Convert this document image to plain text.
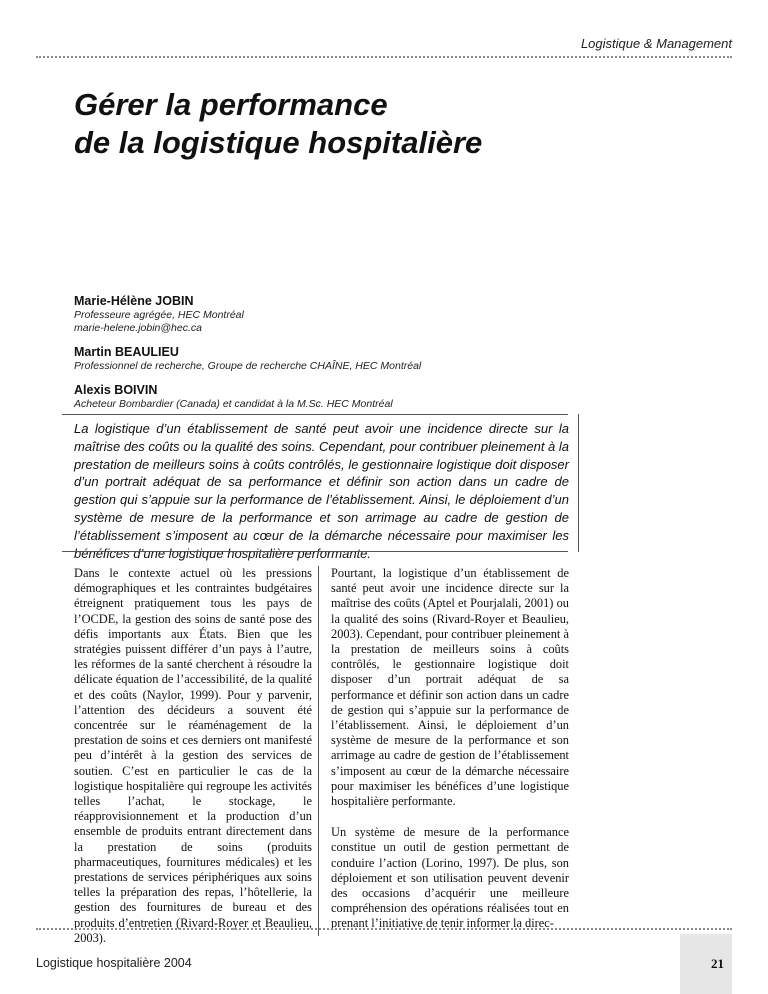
Logistique & Management
Gérer la performance
de la logistique hospitalière
Marie-Hélène JOBIN
Professeure agrégée, HEC Montréal
marie-helene.jobin@hec.ca
Martin BEAULIEU
Professionnel de recherche, Groupe de recherche CHAÎNE, HEC Montréal
Alexis BOIVIN
Acheteur Bombardier (Canada) et candidat à la M.Sc. HEC Montréal
La logistique d’un établissement de santé peut avoir une incidence directe sur la maîtrise des coûts ou la qualité des soins. Cependant, pour contribuer pleinement à la prestation de meilleurs soins à coûts contrôlés, le gestionnaire logistique doit disposer d’un portrait adéquat de sa performance et définir son action dans un cadre de gestion qui s’appuie sur la performance de l’établissement. Ainsi, le déploiement d’un système de mesure de la performance et son arrimage au cadre de gestion de l’établissement s’imposent au cœur de la démarche nécessaire pour maximiser les bénéfices d’une logistique hospitalière performante.

Dans le contexte actuel où les pressions démographiques et les contraintes budgétaires étreignent pratiquement tous les pays de l’OCDE, la gestion des soins de santé pose des défis importants aux États. Bien que les stratégies puissent différer d’un pays à l’autre, les réformes de la santé cherchent à résoudre la délicate équation de l’accessibilité, de la qualité et des coûts (Naylor, 1999). Pour y parvenir, l’attention des décideurs a souvent été concentrée sur le réaménagement de la prestation de soins et ces derniers ont manifesté peu d’intérêt à la gestion des services de soutien. C’est en particulier le cas de la logistique hospitalière qui regroupe les activités telles l’achat, le stockage, le réapprovisionnement et la production d’un ensemble de produits entrant directement dans la prestation de soins (produits pharmaceutiques, fournitures médicales) et les prestations de services périphériques aux soins telles la préparation des repas, l’hôtellerie, la gestion des fournitures de bureau et des produits d’entretien (Rivard-Royer et Beaulieu, 2003).

Pourtant, la logistique d’un établissement de santé peut avoir une incidence directe sur la maîtrise des coûts (Aptel et Pourjalali, 2001) ou la qualité des soins (Rivard-Royer et Beaulieu, 2003). Cependant, pour contribuer pleinement à la prestation de meilleurs soins à coûts contrôlés, le gestionnaire logistique doit disposer d’un portrait adéquat de sa performance et définir son action dans un cadre de gestion qui s’appuie sur la performance de l’établissement. Ainsi, le déploiement d’un système de mesure de la performance et son arrimage au cadre de gestion de l’établissement s’imposent au cœur de la démarche nécessaire pour maximiser les bénéfices d’une logistique hospitalière performante.

Un système de mesure de la performance constitue un outil de gestion permettant de conduire l’action (Lorino, 1997). De plus, son déploiement et son utilisation peuvent devenir des occasions d’acquérir une meilleure compréhension des opérations réalisées tout en prenant l’initiative de tenir informer la direc-

Logistique hospitalière 2004	21
